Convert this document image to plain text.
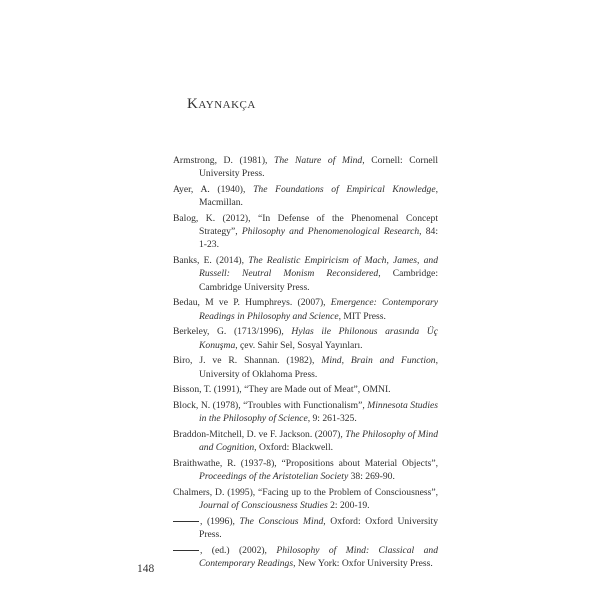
Kaynakça

Armstrong, D. (1981), The Nature of Mind, Cornell: Cornell University Press.

Ayer, A. (1940), The Foundations of Empirical Knowledge, Macmillan.

Balog, K. (2012), “In Defense of the Phenomenal Concept Strategy”, Philosophy and Phenomenological Research, 84: 1-23.

Banks, E. (2014), The Realistic Empiricism of Mach, James, and Russell: Neutral Monism Reconsidered, Cambridge: Cambridge University Press.

Bedau, M ve P. Humphreys. (2007), Emergence: Contemporary Readings in Philosophy and Science, MIT Press.

Berkeley, G. (1713/1996), Hylas ile Philonous arasında Üç Konuşma, çev. Sahir Sel, Sosyal Yayınları.

Biro, J. ve R. Shannan. (1982), Mind, Brain and Function, University of Oklahoma Press.

Bisson, T. (1991), “They are Made out of Meat”, OMNI.

Block, N. (1978), “Troubles with Functionalism”, Minnesota Studies in the Philosophy of Science, 9: 261-325.

Braddon-Mitchell, D. ve F. Jackson. (2007), The Philosophy of Mind and Cognition, Oxford: Blackwell.

Braithwathe, R. (1937-8), “Propositions about Material Objects”, Proceedings of the Aristotelian Society 38: 269-90.

Chalmers, D. (1995), “Facing up to the Problem of Consciousness”, Journal of Consciousness Studies 2: 200-19.

, (1996), The Conscious Mind, Oxford: Oxford University Press.

, (ed.) (2002), Philosophy of Mind: Classical and Contemporary Readings, New York: Oxfor University Press.

148
